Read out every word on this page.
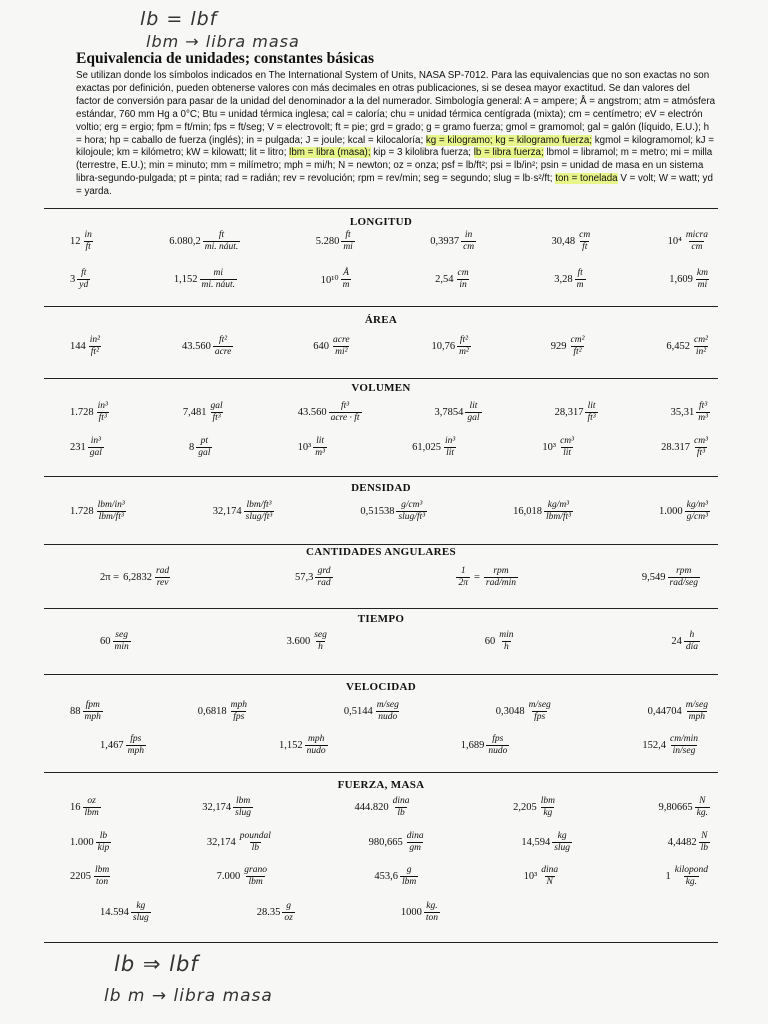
lb = lbf
lbm → libra masa
Equivalencia de unidades; constantes básicas

Se utilizan donde los símbolos indicados en The International System of Units, NASA SP-7012. Para las equivalencias que no son exactas no son exactas por definición, pueden obtenerse valores con más decimales en otras publicaciones, si se desea mayor exactitud. Se dan valores del factor de conversión para pasar de la unidad del denominador a la del numerador. Simbología general: A = ampere; Å = angstrom; atm = atmósfera estándar, 760 mm Hg a 0°C; Btu = unidad térmica inglesa; cal = caloría; chu = unidad térmica centígrada (mixta); cm = centímetro; eV = electrón voltio; erg = ergio; fpm = ft/min; fps = ft/seg; V = electrovolt; ft = pie; grd = grado; g = gramo fuerza; gmol = gramomol; gal = galón (líquido, E.U.); h = hora; hp = caballo de fuerza (inglés); in = pulgada; J = joule; kcal = kilocaloría; kg = kilogramo; kg = kilogramo fuerza; kgmol = kilogramomol; kJ = kilojoule; km = kilómetro; kW = kilowatt; lit = litro; lbm = libra (masa); kip = 3 kilolibra fuerza; lb = libra fuerza; lbmol = libramol; m = metro; mi = milla (terrestre, E.U.); min = minuto; mm = milímetro; mph = mi/h; N = newton; oz = onza; psf = lb/ft²; psi = lb/in²; psin = unidad de masa en un sistema libra-segundo-pulgada; pt = pinta; rad = radián; rev = revolución; rpm = rev/min; seg = segundo; slug = lb·s²/ft; ton = tonelada V = volt; W = watt; yd = yarda.

LONGITUD
$12 \frac{in}{ft}$	$6.080,2 \frac{ft}{\text{mi. náut.}}$	$5.280 \frac{ft}{mi}$	$0,3937 \frac{in}{cm}$	$30,48 \frac{cm}{ft}$	$10^4 \frac{\text{micra}}{cm}$
$3 \frac{ft}{yd}$	$1,152 \frac{mi}{\text{mi. náut.}}$	$10^{10} \frac{Å}{m}$	$2,54 \frac{cm}{in}$	$3,28 \frac{ft}{m}$	$1,609 \frac{km}{mi}$
ÁREA
$144 \frac{\text{in²}}{\text{ft²}}$	$43.560 \frac{\text{ft²}}{\text{acre}}$	$640 \frac{\text{acre}}{\text{mi²}}$	$10,76 \frac{\text{ft²}}{\text{m²}}$	$929 \frac{\text{cm²}}{\text{ft²}}$	$6,452 \frac{\text{cm²}}{\text{in²}}$
VOLUMEN
$1.728 \frac{\text{in³}}{\text{ft³}}$	$7,481 \frac{\text{gal}}{\text{ft³}}$	$43.560 \frac{\text{ft³}}{\text{acre · ft}}$	$3,7854 \frac{\text{lit}}{\text{gal}}$	$28,317 \frac{\text{lit}}{\text{ft³}}$	$35,31 \frac{\text{ft³}}{\text{m³}}$
$231 \frac{\text{in³}}{\text{gal}}$	$8 \frac{pt}{\text{gal}}$	$10^3 \frac{\text{lit}}{\text{m³}}$	$61,025 \frac{\text{in³}}{\text{lit}}$	$10^3 \frac{\text{cm³}}{\text{lit}}$	$28.317 \frac{\text{cm³}}{\text{ft³}}$
DENSIDAD
$1.728 \frac{\text{lbm/in³}}{\text{lbm/ft³}}$	$32,174 \frac{\text{lbm/ft³}}{\text{slug/ft³}}$	$0,51538 \frac{\text{g/cm³}}{\text{slug/ft³}}$	$16,018 \frac{\text{kg/m³}}{\text{lbm/ft³}}$	$1.000 \frac{\text{kg/m³}}{\text{g/cm³}}$
CANTIDADES ANGULARES
$2\pi = 6,2832 \frac{\text{rad}}{\text{rev}}$	$57,3 \frac{\text{grd}}{\text{rad}}$	$\frac{1}{2\pi} = \frac{\text{rpm}}{\text{rad/min}}$	$9,549 \frac{\text{rpm}}{\text{rad/seg}}$
TIEMPO
$60 \frac{\text{seg}}{\min}$	$3.600 \frac{\text{seg}}{h}$	$60 \frac{\min}{h}$	$24 \frac{h}{\text{día}}$
VELOCIDAD
$88 \frac{\text{fpm}}{\text{mph}}$	$0,6818 \frac{\text{mph}}{\text{fps}}$	$0,5144 \frac{\text{m/seg}}{\text{nudo}}$	$0,3048 \frac{\text{m/seg}}{\text{fps}}$	$0,44704 \frac{\text{m/seg}}{\text{mph}}$
$1,467 \frac{\text{fps}}{\text{mph}}$	$1,152 \frac{\text{mph}}{\text{nudo}}$	$1,689 \frac{\text{fps}}{\text{nudo}}$	$152,4 \frac{cm/\min}{\text{in/seg}}$
FUERZA, MASA
$16 \frac{oz}{\text{lbm}}$	$32,174 \frac{\text{lbm}}{\text{slug}}$	$444.820 \frac{\text{dina}}{lb}$	$2,205 \frac{\text{lbm}}{kg}$	$9,80665 \frac{N}{kg.}$
$1.000 \frac{lb}{\text{kip}}$	$32,174 \frac{\text{poundal}}{lb}$	$980,665 \frac{\text{dina}}{gm}$	$14,594 \frac{kg}{\text{slug}}$	$4,4482 \frac{N}{lb}$
$2205 \frac{\text{lbm}}{\text{ton}}$	$7.000 \frac{\text{grano}}{\text{lbm}}$	$453,6 \frac{g}{\text{lbm}}$	$10^3 \frac{\text{dina}}{N}$	$1 \frac{\text{kilopond}}{kg.}$
$14.594 \frac{kg}{\text{slug}}$	$28.35 \frac{g}{oz}$	$1000 \frac{kg.}{\text{ton}}$
lb ⇒ lbf
lb m → libra masa
